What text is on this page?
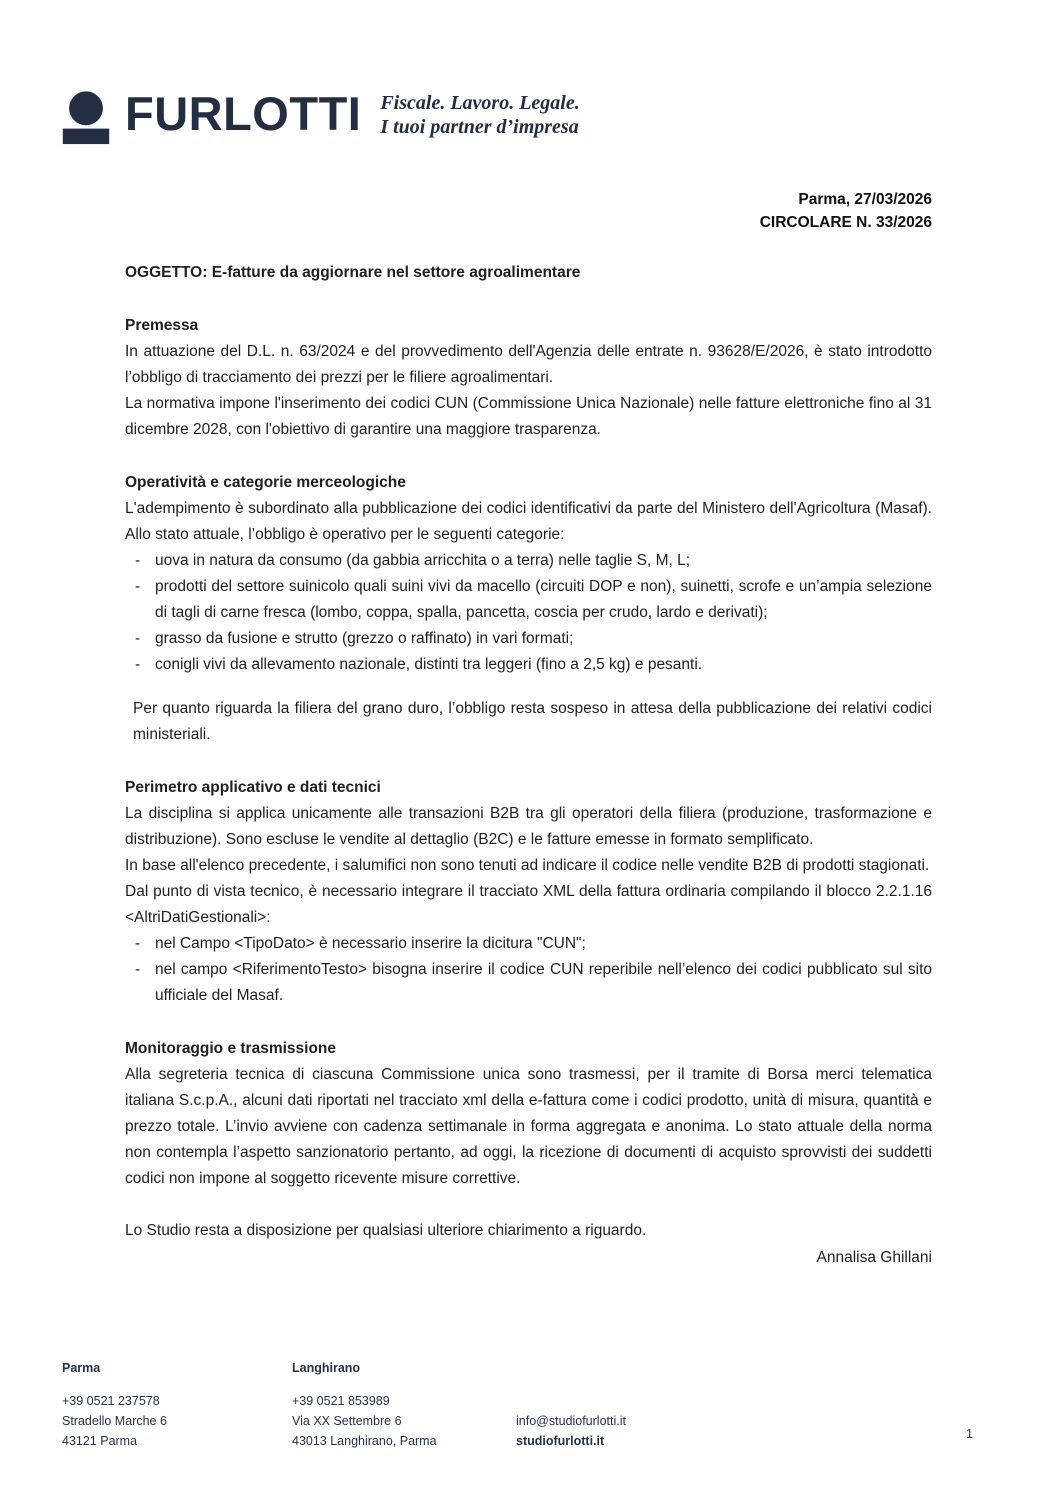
FURLOTTI Fiscale. Lavoro. Legale.
I tuoi partner d’impresa
Parma, 27/03/2026
CIRCOLARE N. 33/2026

OGGETTO: E-fatture da aggiornare nel settore agroalimentare

Premessa

In attuazione del D.L. n. 63/2024 e del provvedimento dell'Agenzia delle entrate n. 93628/E/2026, è stato introdotto l’obbligo di tracciamento dei prezzi per le filiere agroalimentari.

La normativa impone l'inserimento dei codici CUN (Commissione Unica Nazionale) nelle fatture elettroniche fino al 31 dicembre 2028, con l'obiettivo di garantire una maggiore trasparenza.

Operatività e categorie merceologiche

L'adempimento è subordinato alla pubblicazione dei codici identificativi da parte del Ministero dell'Agricoltura (Masaf). Allo stato attuale, l’obbligo è operativo per le seguenti categorie:

- uova in natura da consumo (da gabbia arricchita o a terra) nelle taglie S, M, L;
- prodotti del settore suinicolo quali suini vivi da macello (circuiti DOP e non), suinetti, scrofe e un’ampia selezione di tagli di carne fresca (lombo, coppa, spalla, pancetta, coscia per crudo, lardo e derivati);
- grasso da fusione e strutto (grezzo o raffinato) in vari formati;
- conigli vivi da allevamento nazionale, distinti tra leggeri (fino a 2,5 kg) e pesanti.

Per quanto riguarda la filiera del grano duro, l’obbligo resta sospeso in attesa della pubblicazione dei relativi codici ministeriali.

Perimetro applicativo e dati tecnici

La disciplina si applica unicamente alle transazioni B2B tra gli operatori della filiera (produzione, trasformazione e distribuzione). Sono escluse le vendite al dettaglio (B2C) e le fatture emesse in formato semplificato.

In base all'elenco precedente, i salumifici non sono tenuti ad indicare il codice nelle vendite B2B di prodotti stagionati.

Dal punto di vista tecnico, è necessario integrare il tracciato XML della fattura ordinaria compilando il blocco 2.2.1.16 <AltriDatiGestionali>:

- nel Campo <TipoDato> è necessario inserire la dicitura "CUN";
- nel campo <RiferimentoTesto> bisogna inserire il codice CUN reperibile nell’elenco dei codici pubblicato sul sito ufficiale del Masaf.
Monitoraggio e trasmissione

Alla segreteria tecnica di ciascuna Commissione unica sono trasmessi, per il tramite di Borsa merci telematica italiana S.c.p.A., alcuni dati riportati nel tracciato xml della e-fattura come i codici prodotto, unità di misura, quantità e prezzo totale. L’invio avviene con cadenza settimanale in forma aggregata e anonima. Lo stato attuale della norma non contempla l’aspetto sanzionatorio pertanto, ad oggi, la ricezione di documenti di acquisto sprovvisti dei suddetti codici non impone al soggetto ricevente misure correttive.

Lo Studio resta a disposizione per qualsiasi ulteriore chiarimento a riguardo.

Annalisa Ghillani

Parma
+39 0521 237578
Stradello Marche 6
43121 Parma
Langhirano
+39 0521 853989
Via XX Settembre 6
43013 Langhirano, Parma
info@studiofurlotti.it
studiofurlotti.it	1
